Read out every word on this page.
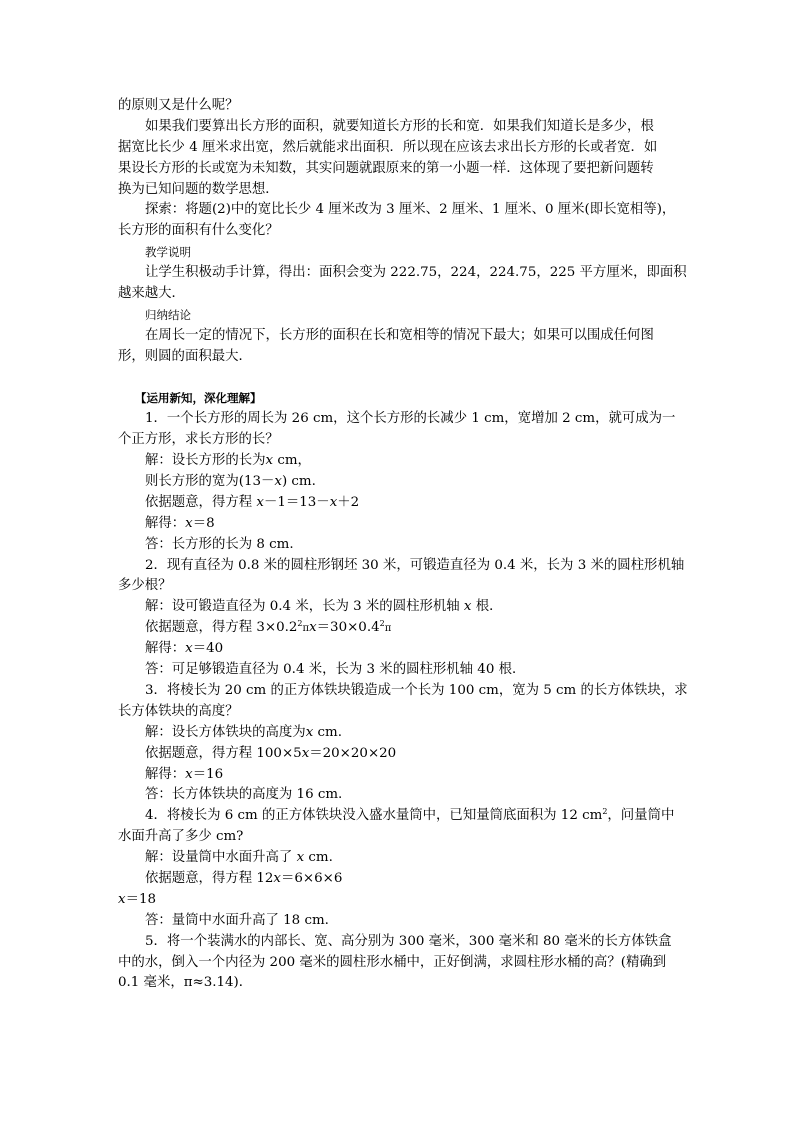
的原则又是什么呢？
如果我们要算出长方形的面积，就要知道长方形的长和宽．如果我们知道长是多少，根
据宽比长少 4 厘米求出宽，然后就能求出面积．所以现在应该去求出长方形的长或者宽．如
果设长方形的长或宽为未知数，其实问题就跟原来的第一小题一样．这体现了要把新问题转
换为已知问题的数学思想．
探索：将题(2)中的宽比长少 4 厘米改为 3 厘米、2 厘米、1 厘米、0 厘米(即长宽相等)，
长方形的面积有什么变化？
教学说明
让学生积极动手计算，得出：面积会变为 222.75，224，224.75，225 平方厘米，即面积
越来越大．
归纳结论
在周长一定的情况下，长方形的面积在长和宽相等的情况下最大；如果可以围成任何图
形，则圆的面积最大．
【运用新知，深化理解】
1．一个长方形的周长为 26 cm，这个长方形的长减少 1 cm，宽增加 2 cm，就可成为一
个正方形，求长方形的长？
解：设长方形的长为x cm，
则长方形的宽为(13－x) cm.
依据题意，得方程 x－1＝13－x＋2
解得：x＝8
答：长方形的长为 8 cm.
2．现有直径为 0.8 米的圆柱形钢坯 30 米，可锻造直径为 0.4 米，长为 3 米的圆柱形机轴
多少根？
解：设可锻造直径为 0.4 米，长为 3 米的圆柱形机轴 x 根．
依据题意，得方程 $3\times 0.2^2\pi x=30\times 0.4^2\pi$
解得：x＝40
答：可足够锻造直径为 0.4 米，长为 3 米的圆柱形机轴 40 根．
3．将棱长为 20 cm 的正方体铁块锻造成一个长为 100 cm，宽为 5 cm 的长方体铁块，求
长方体铁块的高度？
解：设长方体铁块的高度为x cm.
依据题意，得方程 100×5x＝20×20×20
解得：x＝16
答：长方体铁块的高度为 16 cm.
4．将棱长为 6 cm 的正方体铁块没入盛水量筒中，已知量筒底面积为 12 $cm^2$，问量筒中
水面升高了多少 cm?
解：设量筒中水面升高了 x cm.
依据题意，得方程 12x＝6×6×6
x＝18
答：量筒中水面升高了 18 cm.
5．将一个装满水的内部长、宽、高分别为 300 毫米，300 毫米和 80 毫米的长方体铁盒
中的水，倒入一个内径为 200 毫米的圆柱形水桶中，正好倒满，求圆柱形水桶的高？(精确到
0.1 毫米，π≈3.14)．
